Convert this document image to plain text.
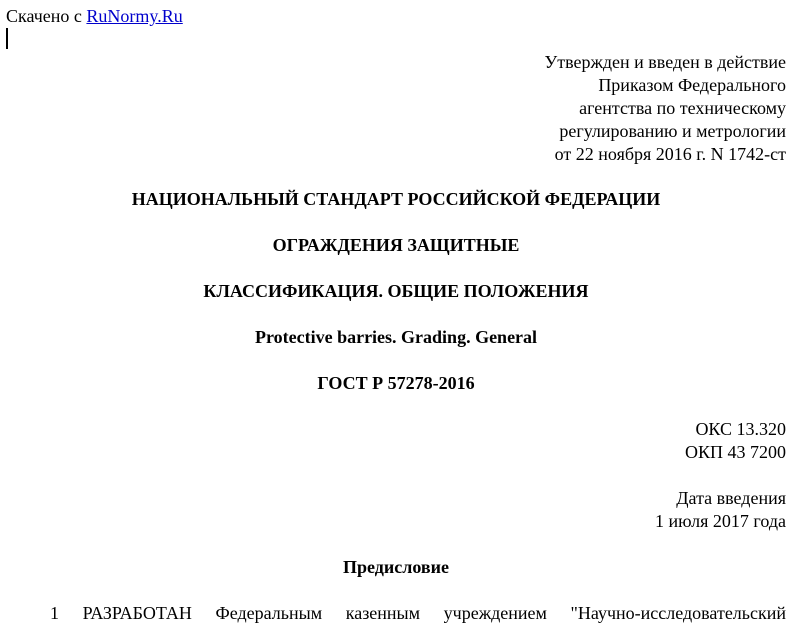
Скачено с RuNormy.Ru
Утвержден и введен в действие
Приказом Федерального
агентства по техническому
регулированию и метрологии
от 22 ноября 2016 г. N 1742-ст
НАЦИОНАЛЬНЫЙ СТАНДАРТ РОССИЙСКОЙ ФЕДЕРАЦИИ
ОГРАЖДЕНИЯ ЗАЩИТНЫЕ
КЛАССИФИКАЦИЯ. ОБЩИЕ ПОЛОЖЕНИЯ
Protective barries. Grading. General
ГОСТ Р 57278-2016
ОКС 13.320
ОКП 43 7200
Дата введения
1 июля 2017 года
Предисловие
1 РАЗРАБОТАН Федеральным казенным учреждением "Научно-исследовательский
